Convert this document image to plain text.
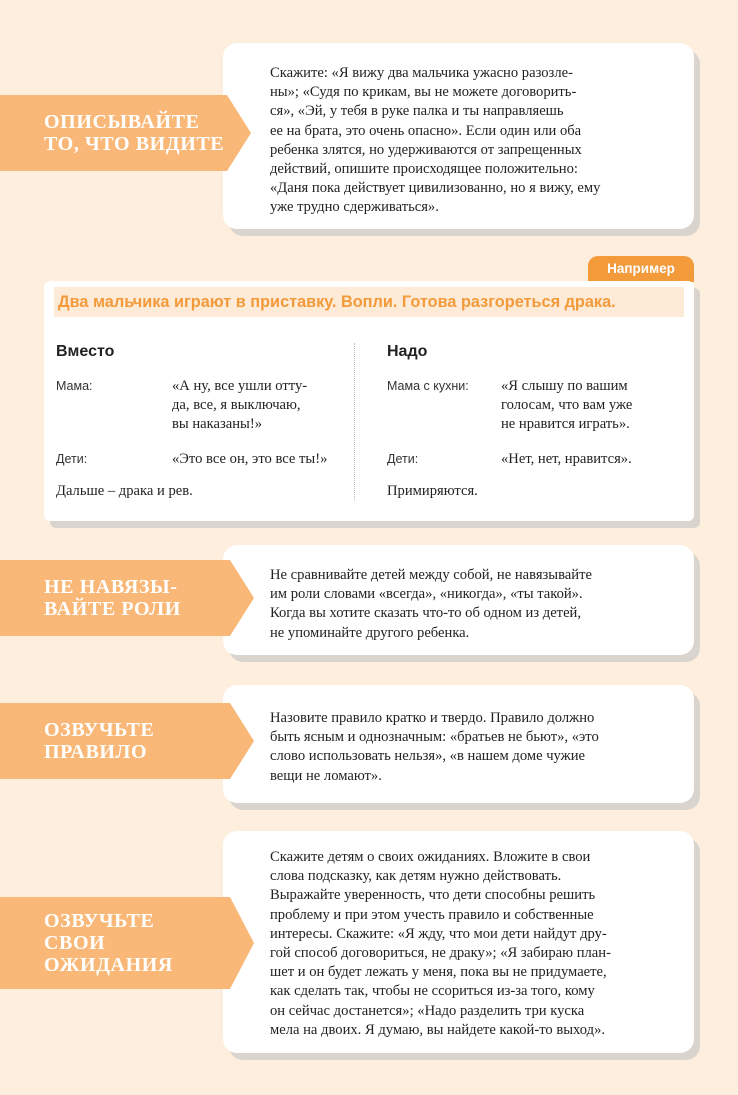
Скажите: «Я вижу два мальчика ужасно разозле-
ны»; «Судя по крикам, вы не можете договорить-
ся», «Эй, у тебя в руке палка и ты направляешь
ее на брата, это очень опасно». Если один или оба
ребенка злятся, но удерживаются от запрещенных
действий, опишите происходящее положительно:
«Даня пока действует цивилизованно, но я вижу, ему
уже трудно сдерживаться».
ОПИСЫВАЙТЕ
ТО, ЧТО ВИДИТЕ
Например
Два мальчика играют в приставку. Вопли. Готова разгореться драка.
Вместо
Мама:	«А ну, все ушли отту-
да, все, я выключаю,
вы наказаны!»
Дети:	«Это все он, это все ты!»
Дальше – драка и рев.
Надо
Мама с кухни: «Я слышу по вашим
голосам, что вам уже
не нравится играть».
Дети:	«Нет, нет, нравится».
Примиряются.
Не сравнивайте детей между собой, не навязывайте
им роли словами «всегда», «никогда», «ты такой».
Когда вы хотите сказать что-то об одном из детей,
не упоминайте другого ребенка.
НЕ НАВЯЗЫ-
ВАЙТЕ РОЛИ
Назовите правило кратко и твердо. Правило должно
быть ясным и однозначным: «братьев не бьют», «это
слово использовать нельзя», «в нашем доме чужие
вещи не ломают».
ОЗВУЧЬТЕ
ПРАВИЛО
Скажите детям о своих ожиданиях. Вложите в свои
слова подсказку, как детям нужно действовать.
Выражайте уверенность, что дети способны решить
проблему и при этом учесть правило и собственные
интересы. Скажите: «Я жду, что мои дети найдут дру-
гой способ договориться, не драку»; «Я забираю план-
шет и он будет лежать у меня, пока вы не придумаете,
как сделать так, чтобы не ссориться из-за того, кому
он сейчас достанется»; «Надо разделить три куска
мела на двоих. Я думаю, вы найдете какой-то выход».
ОЗВУЧЬТЕ
СВОИ
ОЖИДАНИЯ
